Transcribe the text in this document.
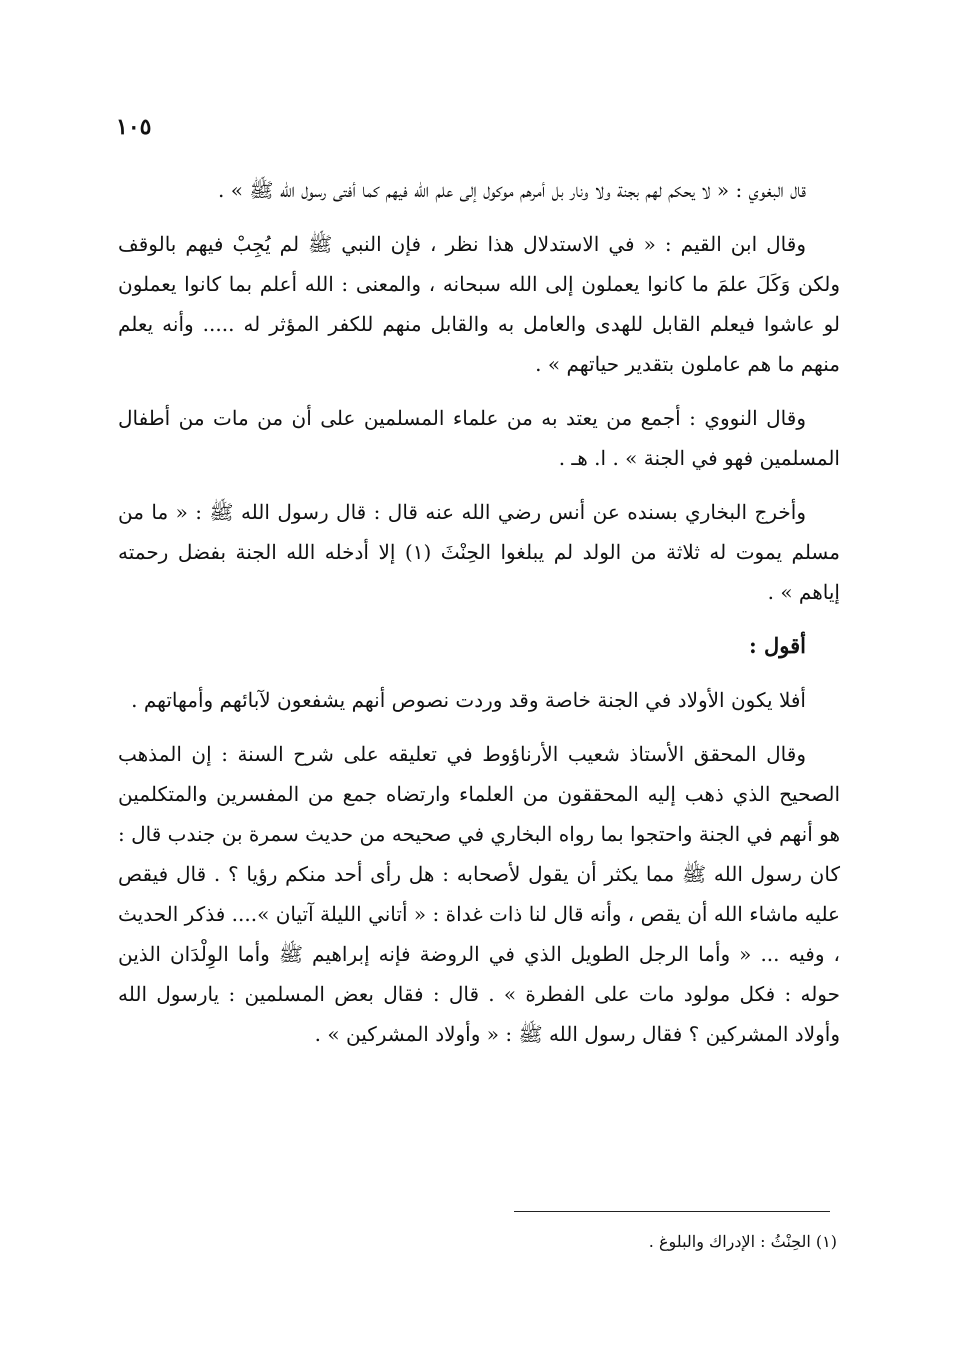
١٠٥

قال البغوي : « لا يحكم لهم بجنة ولا ونار بل أمرهم موكول إلى علم الله فيهم كما أفتى رسول الله ﷺ » .

وقال ابن القيم : « في الاستدلال هذا نظر ، فإن النبي ﷺ لم يُجِبْ فيهم بالوقف ولكن وَكَلَ علمَ ما كانوا يعملون إلى الله سبحانه ، والمعنى : الله أعلم بما كانوا يعملون لو عاشوا فيعلم القابل للهدى والعامل به والقابل منهم للكفر المؤثر له ..... وأنه يعلم منهم ما هم عاملون بتقدير حياتهم » .

وقال النووي : أجمع من يعتد به من علماء المسلمين على أن من مات من أطفال المسلمين فهو في الجنة » . ا. هـ .

وأخرج البخاري بسنده عن أنس رضي الله عنه قال : قال رسول الله ﷺ : « ما من مسلم يموت له ثلاثة من الولد لم يبلغوا الحِنْثَ (١) إلا أدخله الله الجنة بفضل رحمته إياهم » .

أقول :

أفلا يكون الأولاد في الجنة خاصة وقد وردت نصوص أنهم يشفعون لآبائهم وأمهاتهم .

وقال المحقق الأستاذ شعيب الأرناؤوط في تعليقه على شرح السنة : إن المذهب الصحيح الذي ذهب إليه المحققون من العلماء وارتضاه جمع من المفسرين والمتكلمين هو أنهم في الجنة واحتجوا بما رواه البخاري في صحيحه من حديث سمرة بن جندب قال : كان رسول الله ﷺ مما يكثر أن يقول لأصحابه : هل رأى أحد منكم رؤيا ؟ . قال فيقص عليه ماشاء الله أن يقص ، وأنه قال لنا ذات غداة : « أتاني الليلة آتيان ».... فذكر الحديث ، وفيه ... « وأما الرجل الطويل الذي في الروضة فإنه إبراهيم ﷺ وأما الوِلْدَان الذين حوله : فكل مولود مات على الفطرة » . قال : فقال بعض المسلمين : يارسول الله وأولاد المشركين ؟ فقال رسول الله ﷺ : « وأولاد المشركين » .

(١) الحِنْثُ : الإدراك والبلوغ .
